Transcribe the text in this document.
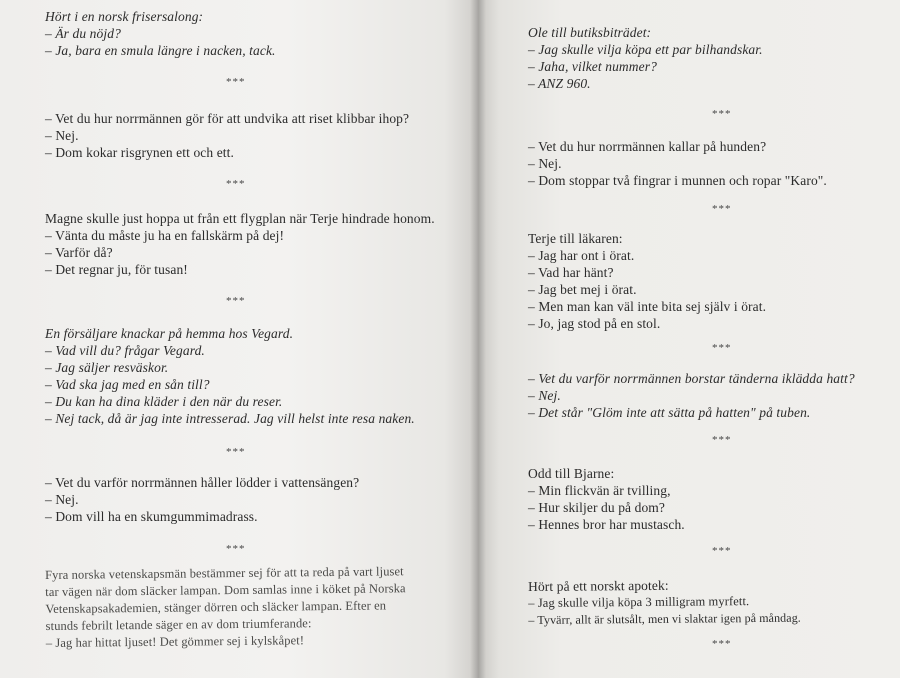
Hört i en norsk frisersalong:
– Är du nöjd?
– Ja, bara en smula längre i nacken, tack.
***
– Vet du hur norrmännen gör för att undvika att riset klibbar ihop?
– Nej.
– Dom kokar risgrynen ett och ett.
***
Magne skulle just hoppa ut från ett flygplan när Terje hindrade honom.
– Vänta du måste ju ha en fallskärm på dej!
– Varför då?
– Det regnar ju, för tusan!
***
En försäljare knackar på hemma hos Vegard.
– Vad vill du? frågar Vegard.
– Jag säljer resväskor.
– Vad ska jag med en sån till?
– Du kan ha dina kläder i den när du reser.
– Nej tack, då är jag inte intresserad. Jag vill helst inte resa naken.
***
– Vet du varför norrmännen håller lödder i vattensängen?
– Nej.
– Dom vill ha en skumgummimadrass.
***
Fyra norska vetenskapsmän bestämmer sej för att ta reda på vart ljuset
tar vägen när dom släcker lampan. Dom samlas inne i köket på Norska
Vetenskapsakademien, stänger dörren och släcker lampan. Efter en
stunds febrilt letande säger en av dom triumferande:
– Jag har hittat ljuset! Det gömmer sej i kylskåpet!
Ole till butiksbiträdet:
– Jag skulle vilja köpa ett par bilhandskar.
– Jaha, vilket nummer?
– ANZ 960.
***
– Vet du hur norrmännen kallar på hunden?
– Nej.
– Dom stoppar två fingrar i munnen och ropar "Karo".
***
Terje till läkaren:
– Jag har ont i örat.
– Vad har hänt?
– Jag bet mej i örat.
– Men man kan väl inte bita sej själv i örat.
– Jo, jag stod på en stol.
***
– Vet du varför norrmännen borstar tänderna iklädda hatt?
– Nej.
– Det står "Glöm inte att sätta på hatten" på tuben.
***
Odd till Bjarne:
– Min flickvän är tvilling,
– Hur skiljer du på dom?
– Hennes bror har mustasch.
***
Hört på ett norskt apotek:
– Jag skulle vilja köpa 3 milligram myrfett.
– Tyvärr, allt är slutsålt, men vi slaktar igen på måndag.
***
